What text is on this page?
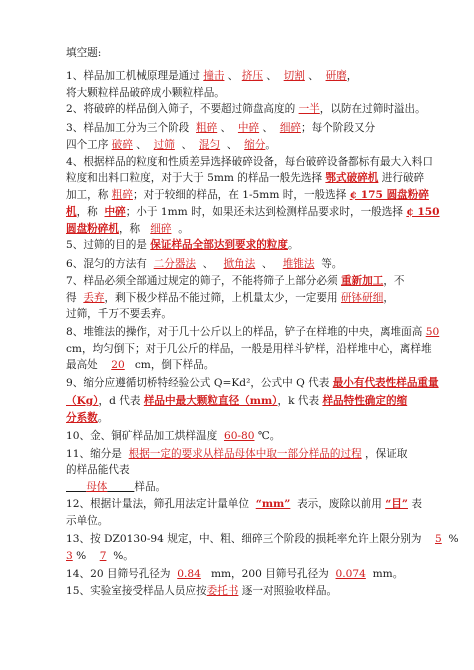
填空题:
1、样品加工机械原理是通过 撞击 、 挤压 、  切割 、  研磨，
将大颗粒样品破碎成小颗粒样品。
2、将破碎的样品倒入筛子，不要超过筛盘高度的 一半，以防在过筛时溢出。
3、样品加工分为三个阶段 粗碎 、  中碎 、  细碎；每个阶段又分
四个工序 破碎 、  过筛  、  混匀  、  缩分。
4、根据样品的粒度和性质差异选择破碎设备，每台破碎设备都标有最大入料口
粒度和出料口粒度，对于大于 5mm 的样品一般先选择 鄂式破碎机 进行破碎
加工，称 粗碎；对于较细的样品，在 1-5mm 时，一般选择 ¢ 175 圆盘粉碎
机，称 中碎；小于 1mm 时，如果还未达到检测样品要求时，一般选择 ¢ 150
圆盘粉碎机，称 细碎 。
5、过筛的目的是 保证样品全部达到要求的粒度。
6、混匀的方法有 二分器法  、   掀角法  、   堆锥法 等。
7、样品必须全部通过规定的筛子，不能将筛子上部分必须 重新加工，不
得 丢弃，剩下极少样品不能过筛，上机量太少，一定要用 研钵研细，
过筛，千万不要丢弃。
8、堆锥法的操作，对于几十公斤以上的样品，铲子在样堆的中央，离堆面高 50
cm，均匀倒下；对于几公斤的样品，一般是用样斗铲样，沿样堆中心，离样堆
最高处 20 cm，倒下样品。
9、缩分应遵循切桥特经验公式 Q=Kd²，公式中 Q 代表 最小有代表性样品重量
（Kg），d 代表 样品中最大颗粒直径（mm），k 代表 样品特性确定的缩
分系数。
10、金、铜矿样品加工烘样温度 60-80 ℃。
11、缩分是 根据一定的要求从样品母体中取一部分样品的过程 ，保证取
的样品能代表
母体	样品。
12、根据计量法，筛孔用法定计量单位 “mm” 表示，废除以前用 “目” 表
示单位。
13、按 DZ0130-94 规定，中、粗、细碎三个阶段的损耗率允许上限分别为 5 %
3 % 7 %。
14、20 目筛号孔径为 0.84 mm，200 目筛号孔径为 0.074 mm。
15、实验室接受样品人员应按委托书 逐一对照验收样品。
